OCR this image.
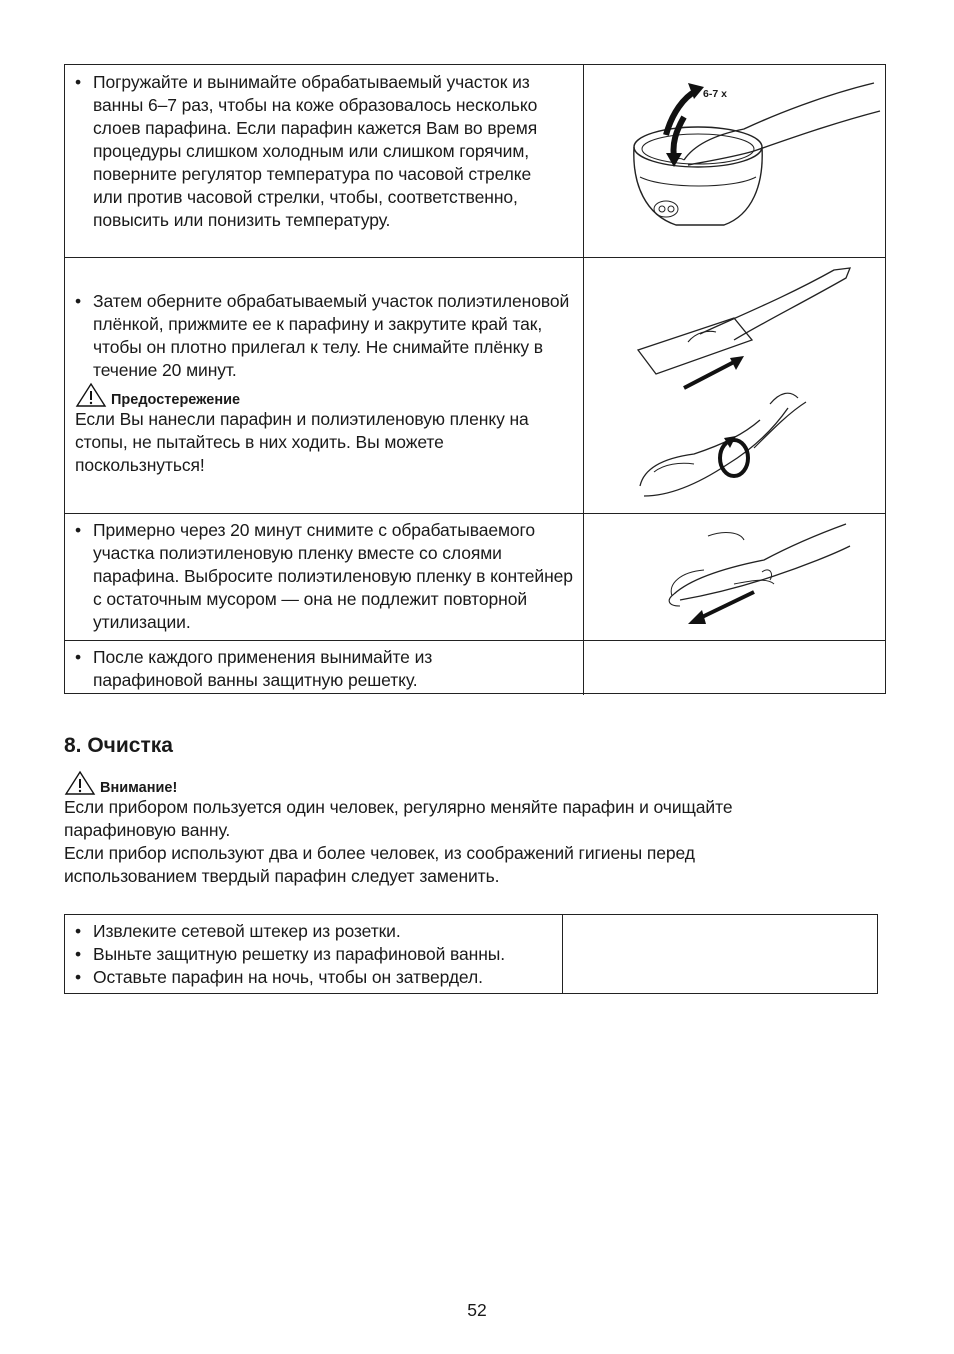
• Погружайте и вынимайте обрабатываемый участок из ванны 6–7 раз, чтобы на коже образовалось несколько слоев парафина. Если парафин кажется Вам во время процедуры слишком холодным или слишком горячим, поверните регулятор температура по часовой стрелке или против часовой стрелки, чтобы, соответственно, повысить или понизить температуру.
6-7 x
• Затем оберните обрабатываемый участок полиэтиленовой плёнкой, прижмите ее к парафину и закрутите край так, чтобы он плотно прилегал к телу. Не снимайте плёнку в течение 20 минут.
Предостережение
Если Вы нанесли парафин и полиэтиленовую пленку на стопы, не пытайтесь в них ходить. Вы можете поскользнуться!
• Примерно через 20 минут снимите с обрабатываемого участка полиэтиленовую пленку вместе со слоями парафина. Выбросите полиэтиленовую пленку в контейнер с остаточным мусором — она не подлежит повторной утилизации.
• После каждого применения вынимайте из парафиновой ванны защитную решетку.
8. Очистка
Внимание!
Если прибором пользуется один человек, регулярно меняйте парафин и очищайте парафиновую ванну.
Если прибор используют два и более человек, из соображений гигиены перед использованием твердый парафин следует заменить.
• Извлеките сетевой штекер из розетки.
• Выньте защитную решетку из парафиновой ванны.
• Оставьте парафин на ночь, чтобы он затвердел.
52
